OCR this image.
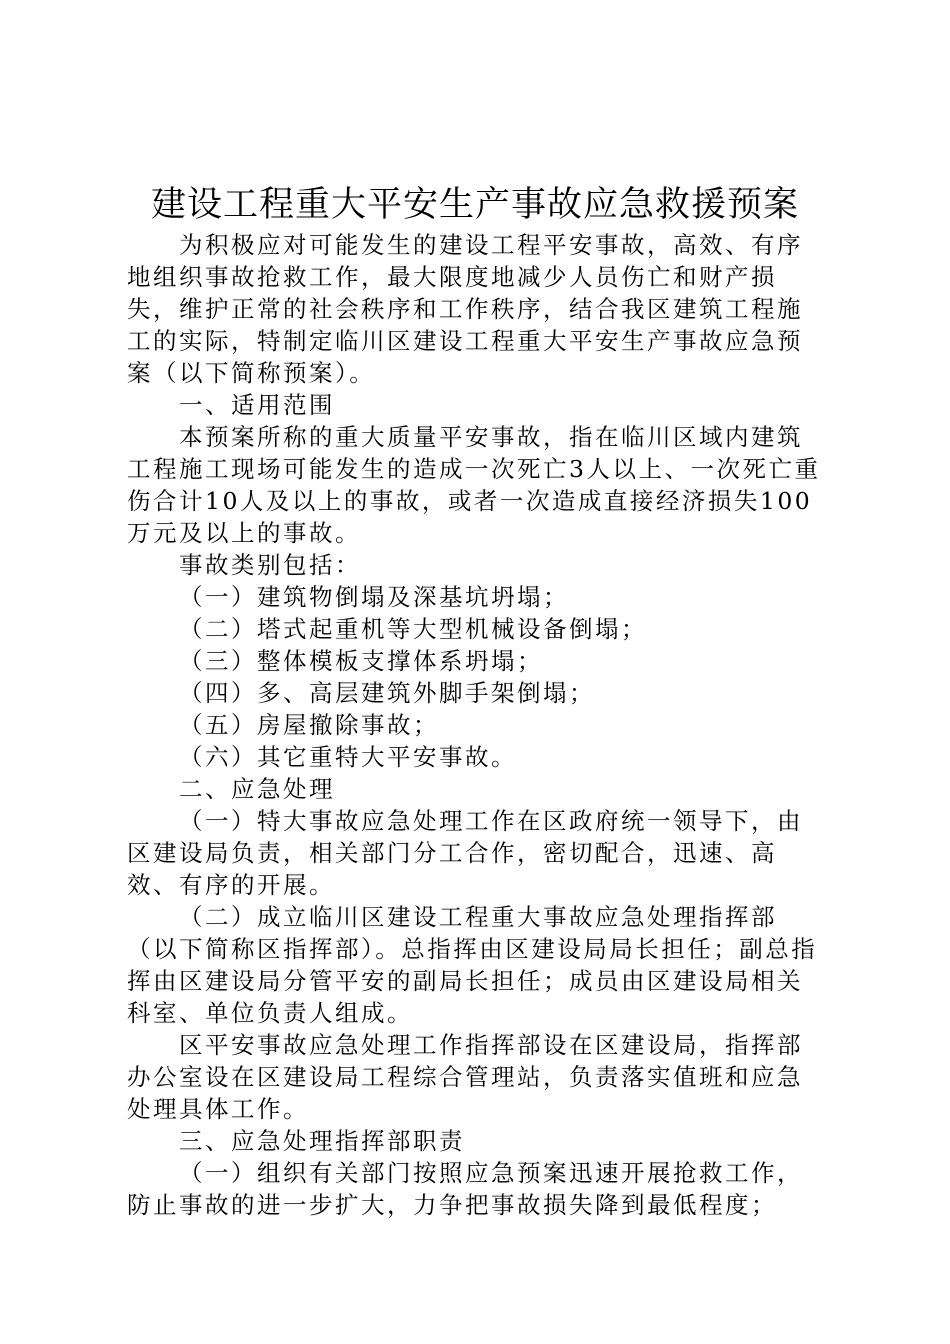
建设工程重大平安生产事故应急救援预案

为积极应对可能发生的建设工程平安事故，高效、有序地组织事故抢救工作，最大限度地减少人员伤亡和财产损失，维护正常的社会秩序和工作秩序，结合我区建筑工程施工的实际，特制定临川区建设工程重大平安生产事故应急预案（以下简称预案）。

一、适用范围

本预案所称的重大质量平安事故，指在临川区域内建筑工程施工现场可能发生的造成一次死亡3人以上、一次死亡重伤合计10人及以上的事故，或者一次造成直接经济损失100万元及以上的事故。

事故类别包括：

（一）建筑物倒塌及深基坑坍塌；

（二）塔式起重机等大型机械设备倒塌；

（三）整体模板支撑体系坍塌；

（四）多、高层建筑外脚手架倒塌；

（五）房屋撤除事故；

（六）其它重特大平安事故。

二、应急处理

（一）特大事故应急处理工作在区政府统一领导下，由区建设局负责，相关部门分工合作，密切配合，迅速、高效、有序的开展。

（二）成立临川区建设工程重大事故应急处理指挥部（以下简称区指挥部）。总指挥由区建设局局长担任；副总指挥由区建设局分管平安的副局长担任；成员由区建设局相关科室、单位负责人组成。

区平安事故应急处理工作指挥部设在区建设局，指挥部办公室设在区建设局工程综合管理站，负责落实值班和应急处理具体工作。

三、应急处理指挥部职责

（一）组织有关部门按照应急预案迅速开展抢救工作，防止事故的进一步扩大，力争把事故损失降到最低程度；
